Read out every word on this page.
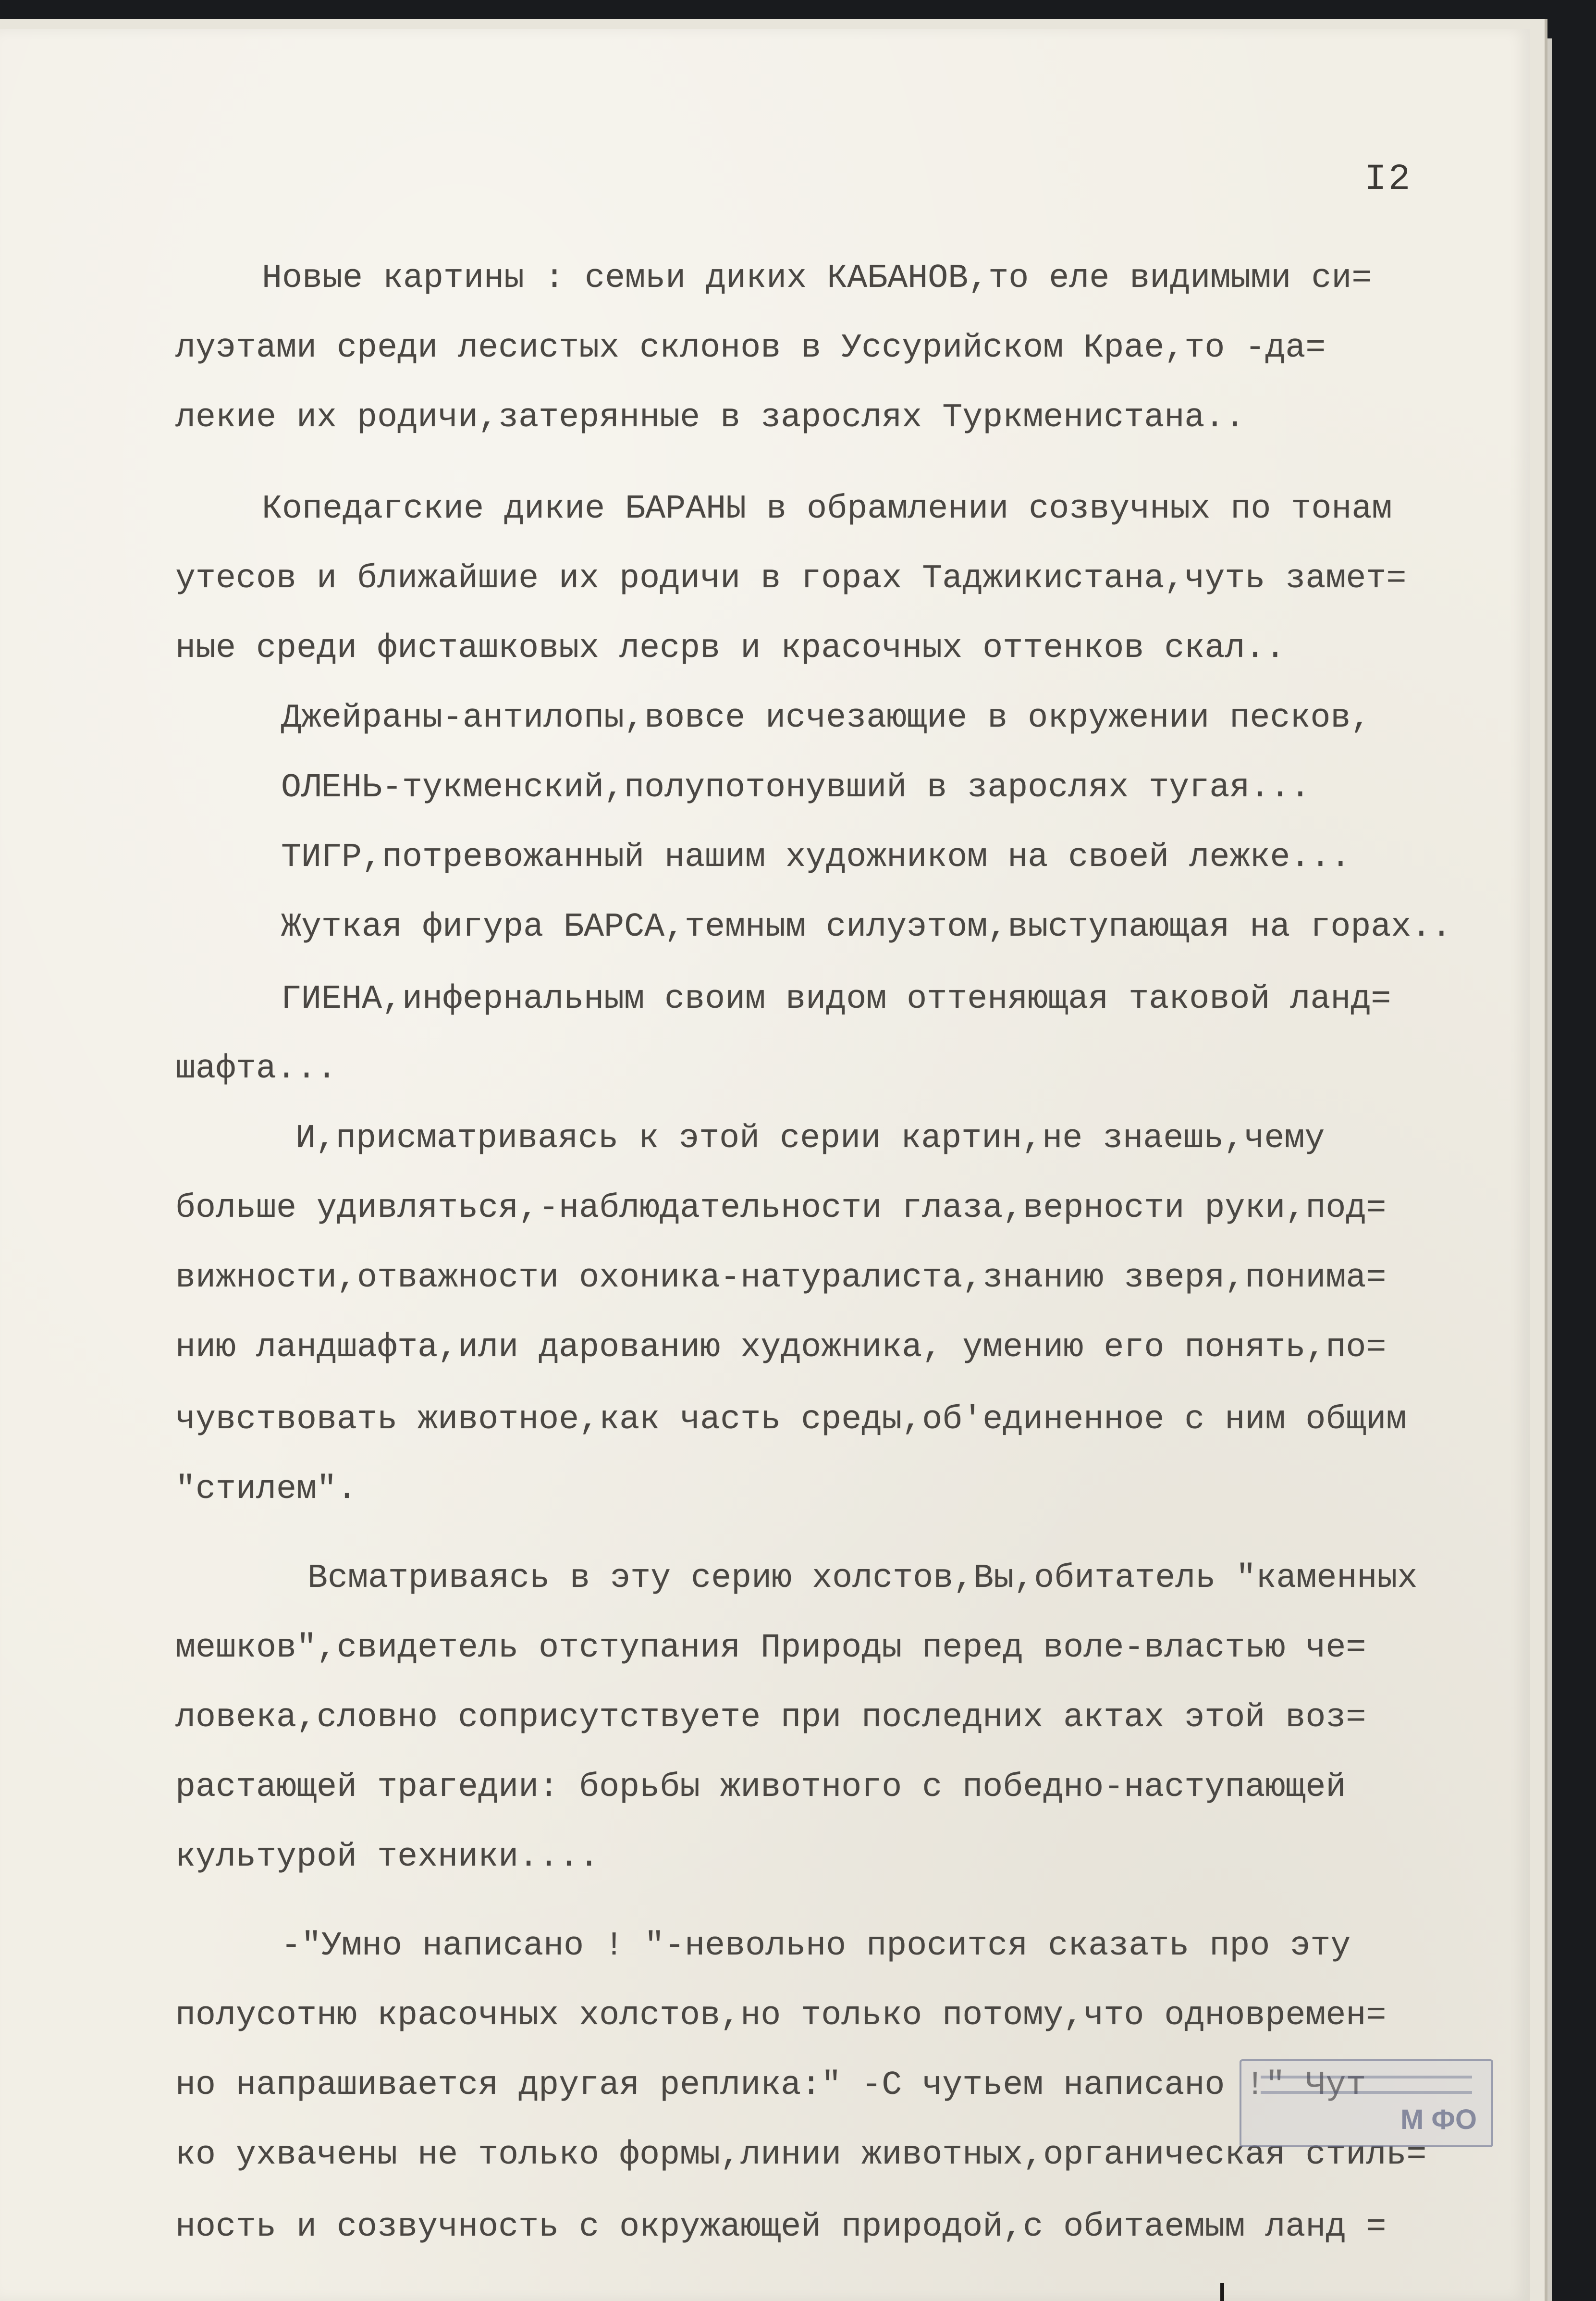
I2

Новые картины : семьи диких КАБАНОВ,то еле видимыми си=

луэтами среди лесистых склонов в Уссурийском Крае,то -да=

лекие их родичи,затерянные в зарослях Туркменистана..

Копедагские дикие БАРАНЫ в обрамлении созвучных по тонам

утесов и ближайшие их родичи в горах Таджикистана,чуть замет=

ные среди фисташковых лесрв и красочных оттенков скал..

Джейраны-антилопы,вовсе исчезающие в окружении песков,

ОЛЕНЬ-тукменский,полупотонувший в зарослях тугая...

ТИГР,потревожанный нашим художником на своей лежке...

Жуткая фигура БАРСА,темным силуэтом,выступающая на горах..

ГИЕНА,инфернальным своим видом оттеняющая таковой ланд=

шафта...

И,присматриваясь к этой серии картин,не знаешь,чему

больше удивляться,-наблюдательности глаза,верности руки,под=

вижности,отважности охоника-натуралиста,знанию зверя,понима=

нию ландшафта,или дарованию художника, умению его понять,по=

чувствовать животное,как часть среды,об'единенное с ним общим

"стилем".

Всматриваясь в эту серию холстов,Вы,обитатель "каменных

мешков",свидетель отступания Природы перед воле-властью че=

ловека,словно соприсутствуете при последних актах этой воз=

растающей трагедии: борьбы животного с победно-наступающей

культурой техники....

-"Умно написано ! "-невольно просится сказать про эту

полусотню красочных холстов,но только потому,что одновремен=

но напрашивается другая реплика:" -С чутьем написано !" Чут

ко ухвачены не только формы,линии животных,органическая стиль=

ность и созвучность с окружающей природой,с обитаемым ланд =

ОФ М
